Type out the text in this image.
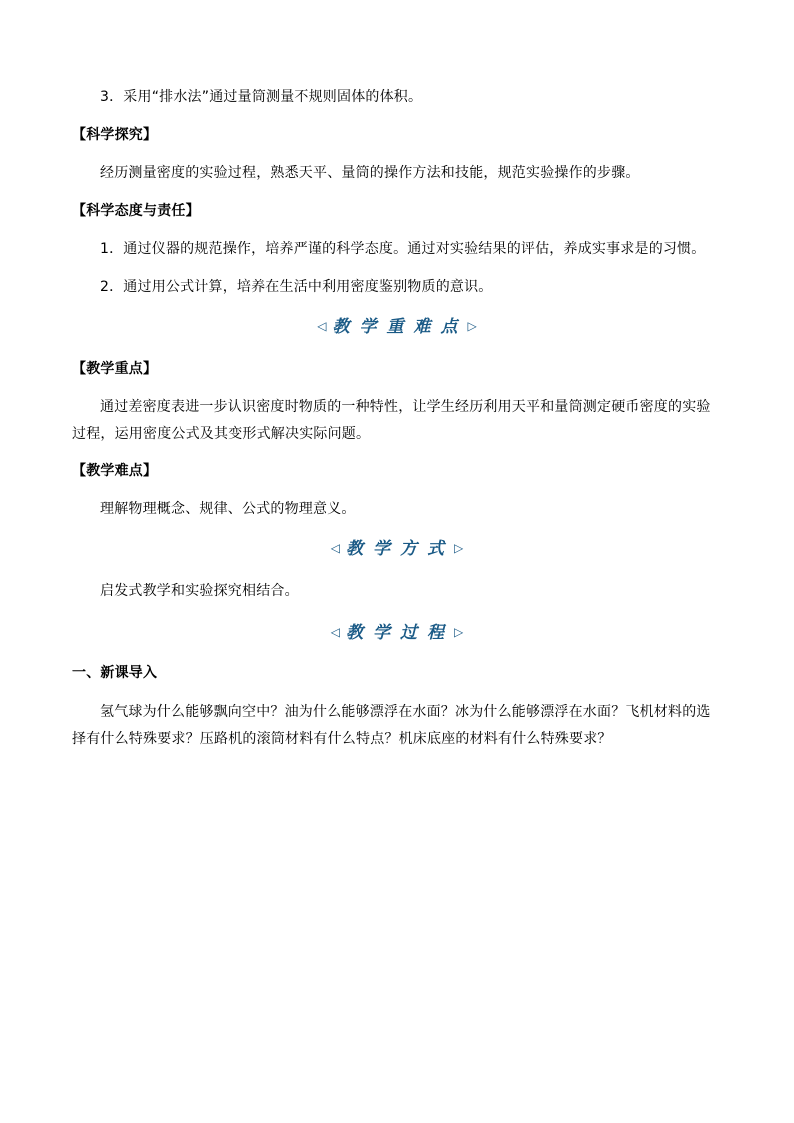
3．采用“排水法”通过量筒测量不规则固体的体积。
【科学探究】
经历测量密度的实验过程，熟悉天平、量筒的操作方法和技能，规范实验操作的步骤。
【科学态度与责任】
1．通过仪器的规范操作，培养严谨的科学态度。通过对实验结果的评估，养成实事求是的习惯。
2．通过用公式计算，培养在生活中利用密度鉴别物质的意识。
◁ 教学重难点▷
【教学重点】
通过差密度表进一步认识密度时物质的一种特性，让学生经历利用天平和量筒测定硬币密度的实验过程，运用密度公式及其变形式解决实际问题。
【教学难点】
理解物理概念、规律、公式的物理意义。
◁ 教学方式▷
启发式教学和实验探究相结合。
◁ 教学过程▷
一、新课导入
氢气球为什么能够飘向空中？油为什么能够漂浮在水面？冰为什么能够漂浮在水面？飞机材料的选择有什么特殊要求？压路机的滚筒材料有什么特点？机床底座的材料有什么特殊要求？
